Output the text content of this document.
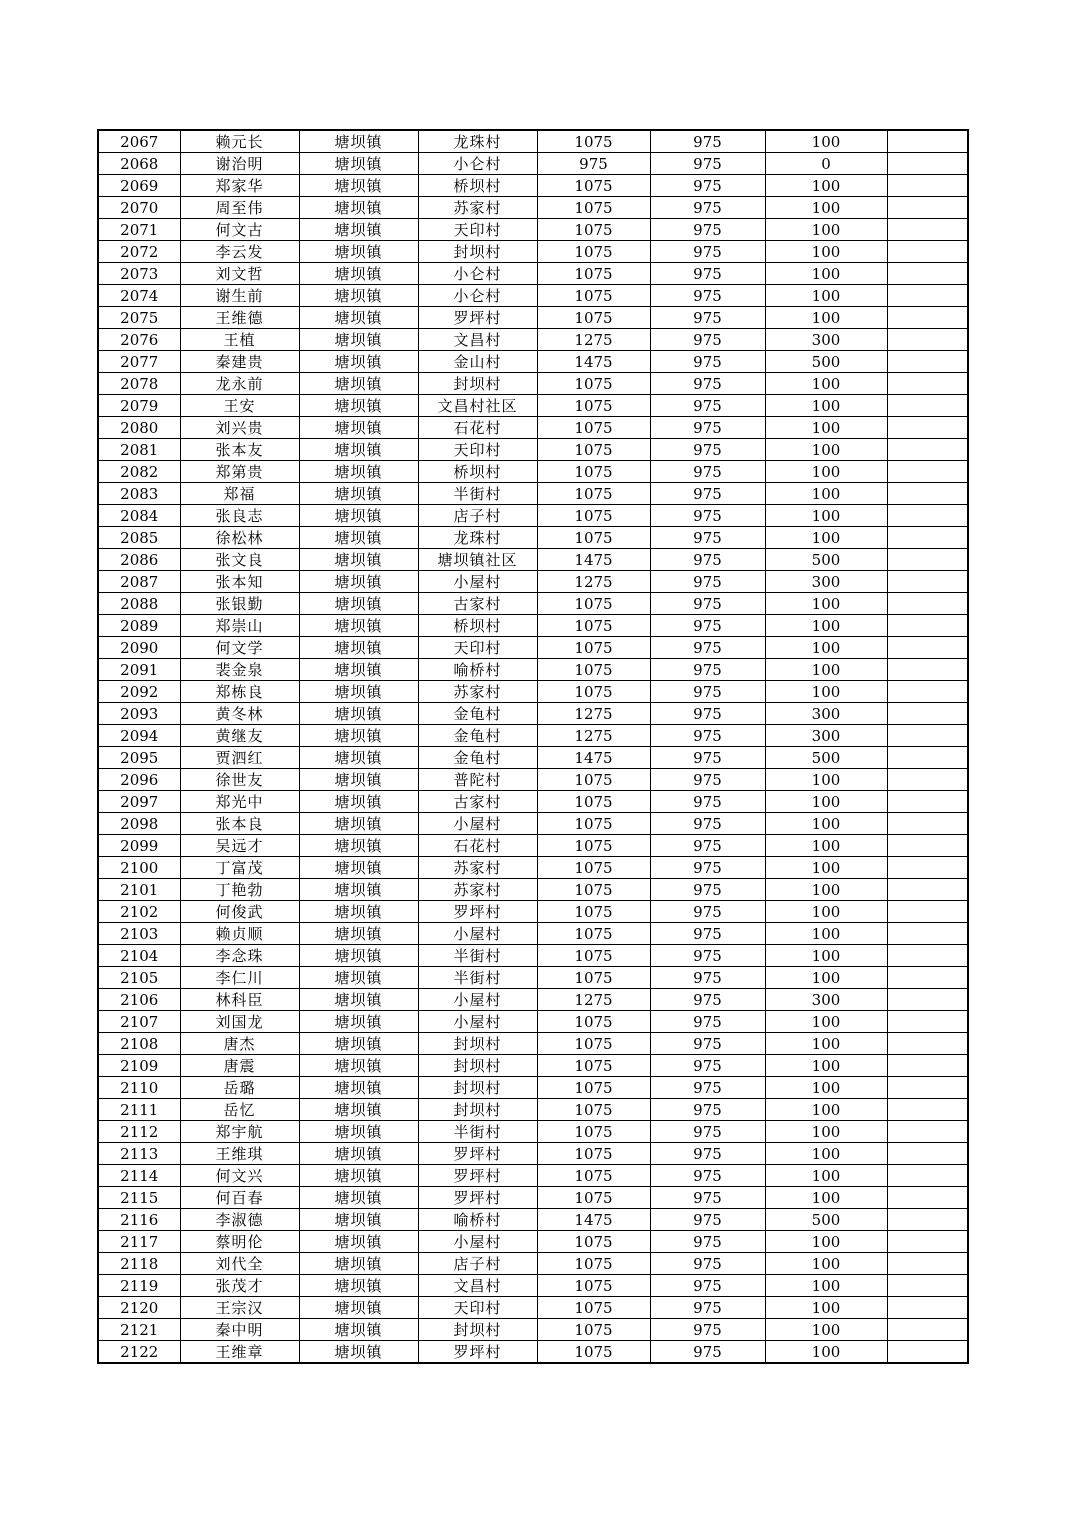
2067	赖元长	塘坝镇	龙珠村	1075	975	100	
2068	谢治明	塘坝镇	小仑村	975	975	0	
2069	郑家华	塘坝镇	桥坝村	1075	975	100	
2070	周至伟	塘坝镇	苏家村	1075	975	100	
2071	何文古	塘坝镇	天印村	1075	975	100	
2072	李云发	塘坝镇	封坝村	1075	975	100	
2073	刘文哲	塘坝镇	小仑村	1075	975	100	
2074	谢生前	塘坝镇	小仑村	1075	975	100	
2075	王维德	塘坝镇	罗坪村	1075	975	100	
2076	王植	塘坝镇	文昌村	1275	975	300	
2077	秦建贵	塘坝镇	金山村	1475	975	500	
2078	龙永前	塘坝镇	封坝村	1075	975	100	
2079	王安	塘坝镇	文昌村社区	1075	975	100	
2080	刘兴贵	塘坝镇	石花村	1075	975	100	
2081	张本友	塘坝镇	天印村	1075	975	100	
2082	郑第贵	塘坝镇	桥坝村	1075	975	100	
2083	郑福	塘坝镇	半街村	1075	975	100	
2084	张良志	塘坝镇	店子村	1075	975	100	
2085	徐松林	塘坝镇	龙珠村	1075	975	100	
2086	张文良	塘坝镇	塘坝镇社区	1475	975	500	
2087	张本知	塘坝镇	小屋村	1275	975	300	
2088	张银勤	塘坝镇	古家村	1075	975	100	
2089	郑崇山	塘坝镇	桥坝村	1075	975	100	
2090	何文学	塘坝镇	天印村	1075	975	100	
2091	裴金泉	塘坝镇	喻桥村	1075	975	100	
2092	郑栋良	塘坝镇	苏家村	1075	975	100	
2093	黄冬林	塘坝镇	金龟村	1275	975	300	
2094	黄继友	塘坝镇	金龟村	1275	975	300	
2095	贾泗红	塘坝镇	金龟村	1475	975	500	
2096	徐世友	塘坝镇	普陀村	1075	975	100	
2097	郑光中	塘坝镇	古家村	1075	975	100	
2098	张本良	塘坝镇	小屋村	1075	975	100	
2099	吴远才	塘坝镇	石花村	1075	975	100	
2100	丁富茂	塘坝镇	苏家村	1075	975	100	
2101	丁艳勃	塘坝镇	苏家村	1075	975	100	
2102	何俊武	塘坝镇	罗坪村	1075	975	100	
2103	赖贞顺	塘坝镇	小屋村	1075	975	100	
2104	李念珠	塘坝镇	半街村	1075	975	100	
2105	李仁川	塘坝镇	半街村	1075	975	100	
2106	林科臣	塘坝镇	小屋村	1275	975	300	
2107	刘国龙	塘坝镇	小屋村	1075	975	100	
2108	唐杰	塘坝镇	封坝村	1075	975	100	
2109	唐震	塘坝镇	封坝村	1075	975	100	
2110	岳璐	塘坝镇	封坝村	1075	975	100	
2111	岳忆	塘坝镇	封坝村	1075	975	100	
2112	郑宇航	塘坝镇	半街村	1075	975	100	
2113	王维琪	塘坝镇	罗坪村	1075	975	100	
2114	何文兴	塘坝镇	罗坪村	1075	975	100	
2115	何百春	塘坝镇	罗坪村	1075	975	100	
2116	李淑德	塘坝镇	喻桥村	1475	975	500	
2117	蔡明伦	塘坝镇	小屋村	1075	975	100	
2118	刘代全	塘坝镇	店子村	1075	975	100	
2119	张茂才	塘坝镇	文昌村	1075	975	100	
2120	王宗汉	塘坝镇	天印村	1075	975	100	
2121	秦中明	塘坝镇	封坝村	1075	975	100	
2122	王维章	塘坝镇	罗坪村	1075	975	100	
